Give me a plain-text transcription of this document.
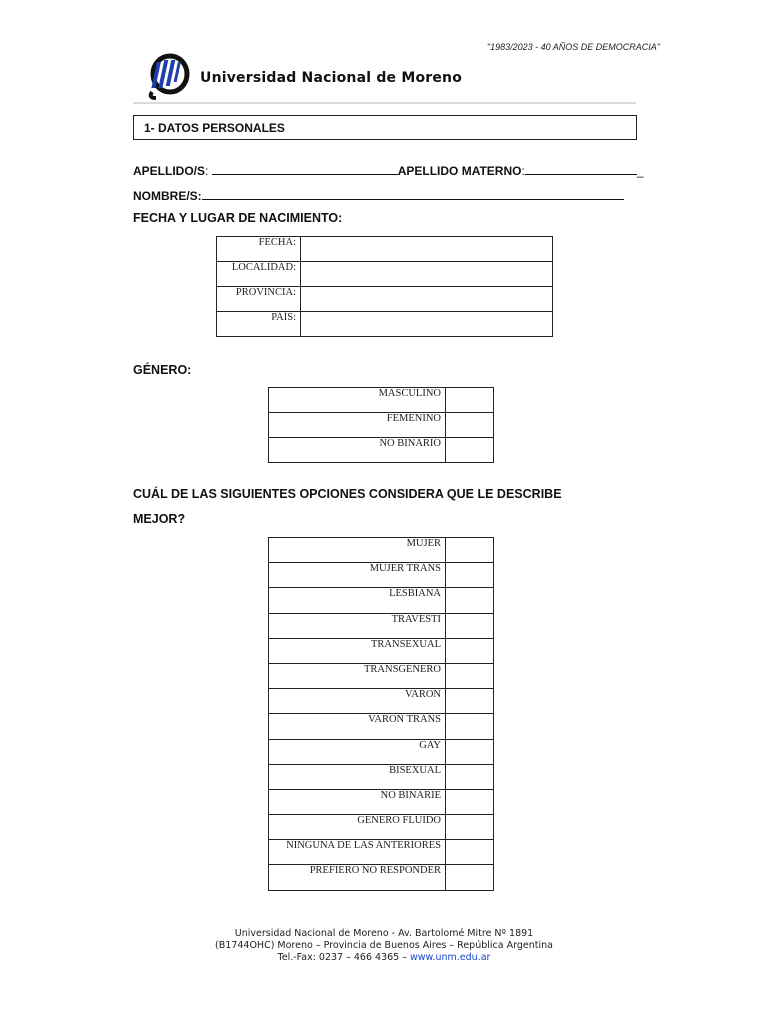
"1983/2023 - 40 AÑOS DE DEMOCRACIA"
Universidad Nacional de Moreno
1- DATOS PERSONALES
APELLIDO/S:	APELLIDO MATERNO:	_
NOMBRE/S:
FECHA Y LUGAR DE NACIMIENTO:
FECHA:	
LOCALIDAD:	
PROVINCIA:	
PAÍS:	
GÉNERO:
MASCULINO	
FEMENINO	
NO BINARIO	
CUÁL DE LAS SIGUIENTES OPCIONES CONSIDERA QUE LE DESCRIBE
MEJOR?
MUJER	
MUJER TRANS	
LESBIANA	
TRAVESTI	
TRANSEXUAL	
TRANSGENERO	
VARON	
VARON TRANS	
GAY	
BISEXUAL	
NO BINARIE	
GENERO FLUIDO	
NINGUNA DE LAS ANTERIORES	
PREFIERO NO RESPONDER	
Universidad Nacional de Moreno - Av. Bartolomé Mitre Nº 1891
(B1744OHC) Moreno – Provincia de Buenos Aires – República Argentina
Tel.-Fax: 0237 – 466 4365 – www.unm.edu.ar
